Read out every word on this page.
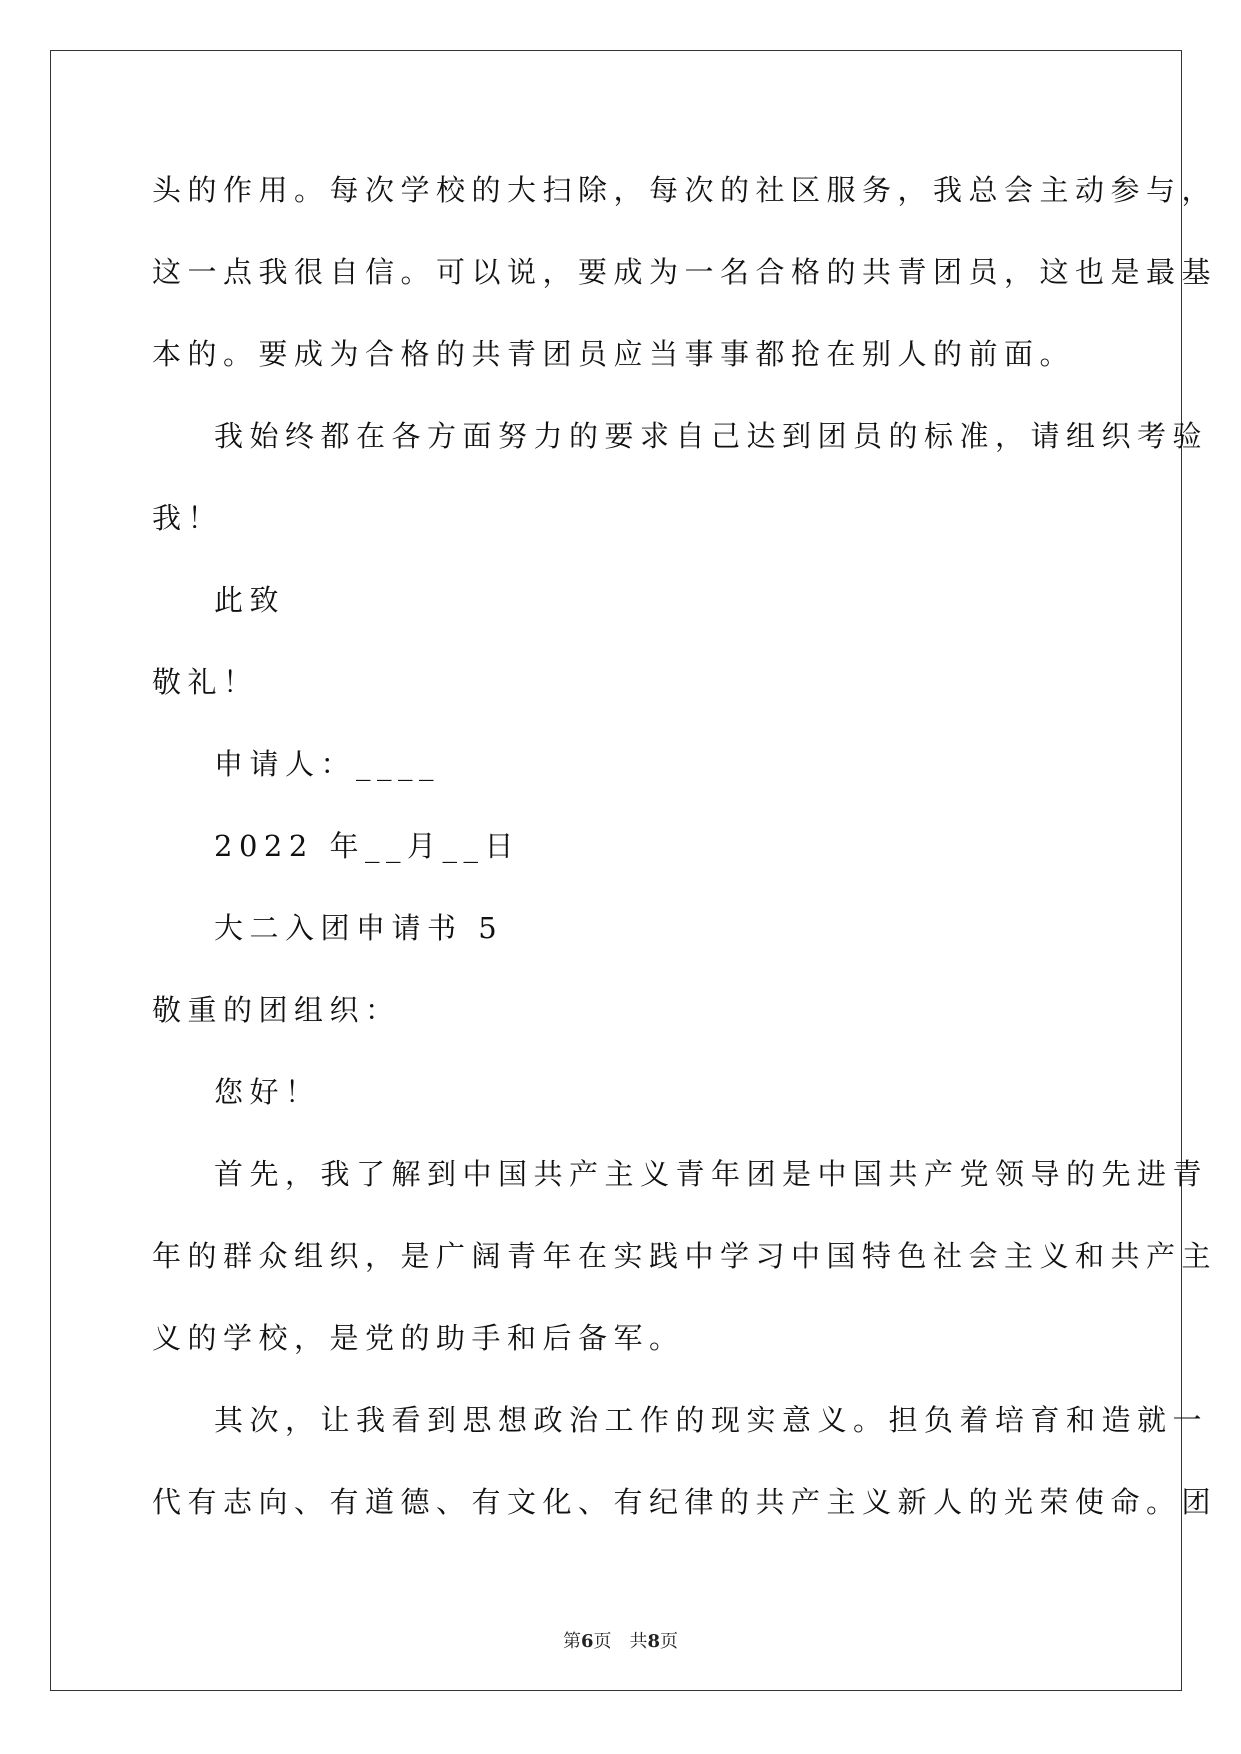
头的作用。每次学校的大扫除，每次的社区服务，我总会主动参与，
这一点我很自信。可以说，要成为一名合格的共青团员，这也是最基
本的。要成为合格的共青团员应当事事都抢在别人的前面。
我始终都在各方面努力的要求自己达到团员的标准，请组织考验
我！
此致
敬礼！
申请人：____
2022 年__月__日
大二入团申请书 5
敬重的团组织：
您好！
首先，我了解到中国共产主义青年团是中国共产党领导的先进青
年的群众组织，是广阔青年在实践中学习中国特色社会主义和共产主
义的学校，是党的助手和后备军。
其次，让我看到思想政治工作的现实意义。担负着培育和造就一
代有志向、有道德、有文化、有纪律的共产主义新人的光荣使命。团
第6页　共8页
